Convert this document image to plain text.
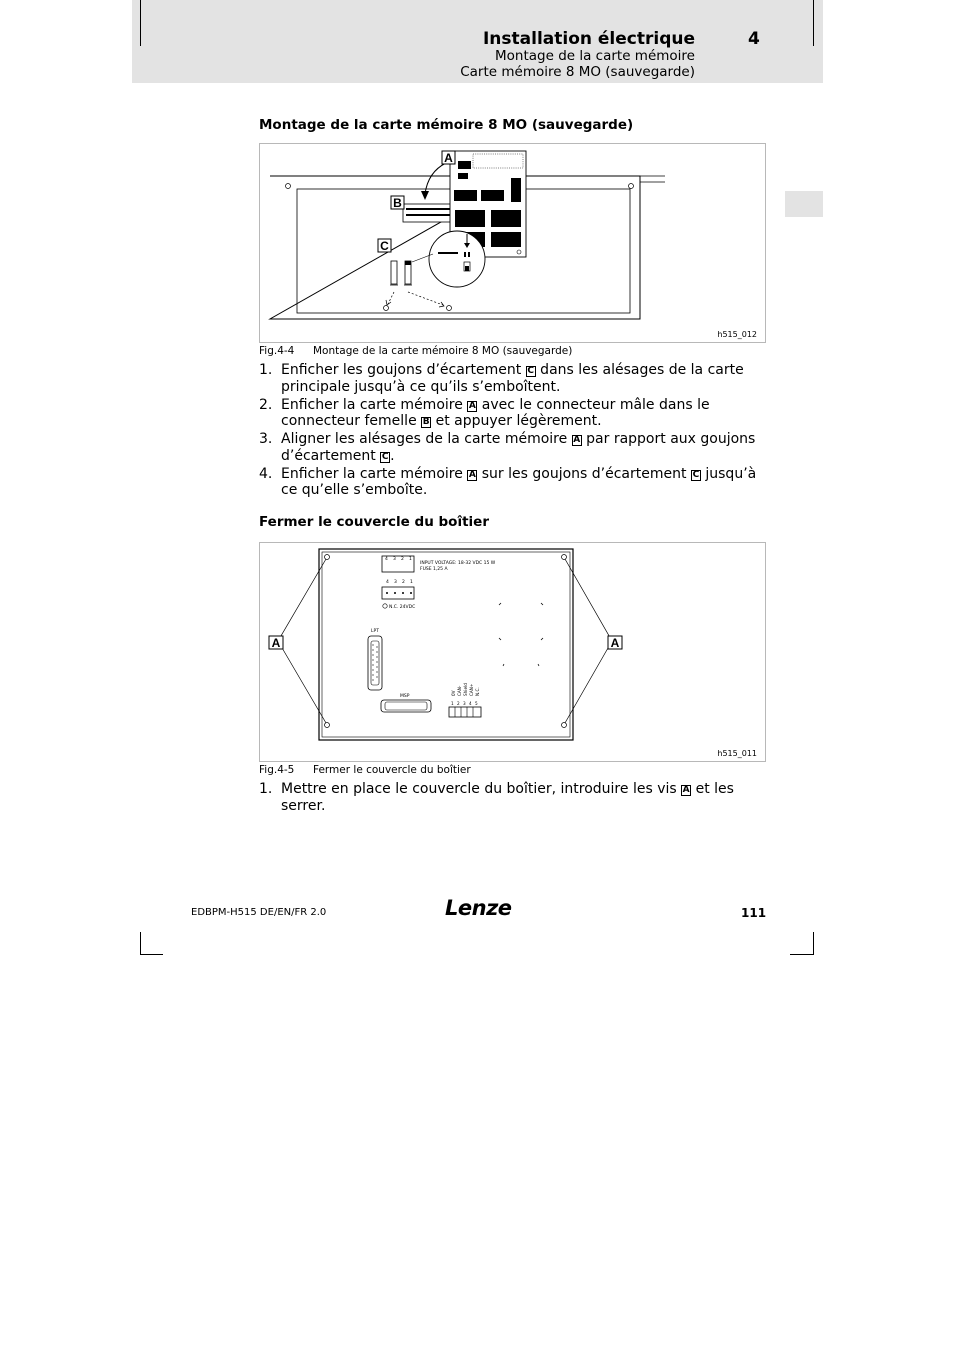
Installation électrique	4
Montage de la carte mémoire
Carte mémoire 8 MO (sauvegarde)
Montage de la carte mémoire 8 MO (sauvegarde)
A
B
C
h515_012
Fig.4-4 Montage de la carte mémoire 8 MO (sauvegarde)
1. Enficher les goujons d’écartement C dans les alésages de la carte principale jusqu’à ce qu’ils s’emboîtent.
2. Enficher la carte mémoire A avec le connecteur mâle dans le connecteur femelle B et appuyer légèrement.
3. Aligner les alésages de la carte mémoire A par rapport aux goujons d’écartement C .
4. Enficher la carte mémoire A sur les goujons d’écartement C jusqu’à ce qu’elle s’emboîte.
Fermer le couvercle du boîtier
A	A
4 3 2 1
INPUT VOLTAGE: 18-32 VDC 15 W
FUSE 1,25 A
4 3 2 1
N.C. 24VDC
LPT
MSP
0V CAN- Shield CAN+ N.C.
1 2 3 4 5
h515_011
Fig.4-5 Fermer le couvercle du boîtier
1. Mettre en place le couvercle du boîtier, introduire les vis A et les serrer.
EDBPM-H515 DE/EN/FR 2.0	Lenze	111
